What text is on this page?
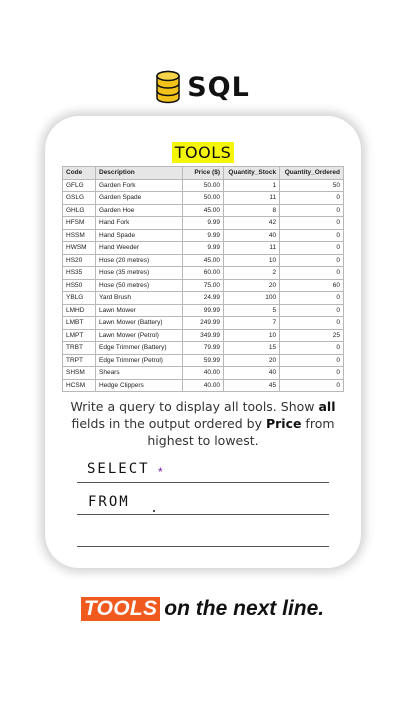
SQL
TOOLS
Code	Description	Price ($)	Quantity_Stock	Quantity_Ordered
GFLG	Garden Fork	50.00	1	50
GSLG	Garden Spade	50.00	11	0
GHLG	Garden Hoe	45.00	8	0
HFSM	Hand Fork	9.99	42	0
HSSM	Hand Spade	9.99	40	0
HWSM	Hand Weeder	9.99	11	0
HS20	Hose (20 metres)	45.00	10	0
HS35	Hose (35 metres)	60.00	2	0
HS50	Hose (50 metres)	75.00	20	60
YBLG	Yard Brush	24.99	100	0
LMHD	Lawn Mower	99.99	5	0
LMBT	Lawn Mower (Battery)	249.99	7	0
LMPT	Lawn Mower (Petrol)	349.99	10	25
TRBT	Edge Trimmer (Battery)	79.99	15	0
TRPT	Edge Trimmer (Petrol)	59.99	20	0
SHSM	Shears	40.00	40	0
HCSM	Hedge Clippers	40.00	45	0
Write a query to display all tools. Show all fields in the output ordered by Price from highest to lowest.
SELECT *
FROM
TOOLS on the next line.
